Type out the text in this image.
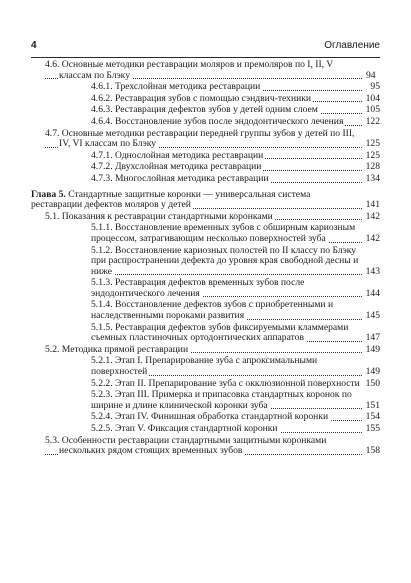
4	Оглавление
4.6. Основные методики реставрации моляров и премоляров по I, II, V классам по Блэку	94
4.6.1. Трехслойная методика реставрации	95
4.6.2. Реставрация зубов с помощью сэндвич-техники	104
4.6.3. Реставрация дефектов зубов у детей одним слоем	105
4.6.4. Восстановление зубов после эндодонтического лечения 122
4.7. Основные методики реставрации передней группы зубов у детей по III, IV, VI классам по Блэку	125
4.7.1. Однослойная методика реставрации	125
4.7.2. Двухслойная методика реставрации	128
4.7.3. Многослойная методика реставрации	134
Глава 5. Стандартные защитные коронки — универсальная система реставрации дефектов моляров у детей	141
5.1. Показания к реставрации стандартными коронками	142
5.1.1. Восстановление временных зубов с обширным кариозным процессом, затрагивающим несколько поверхностей зуба	142
5.1.2. Восстановление кариозных полостей по II классу по Блэку при распространении дефекта до уровня края свободной десны и ниже	143
5.1.3. Реставрация дефектов временных зубов после эндодонтического лечения	144
5.1.4. Восстановление дефектов зубов с приобретенными и наследственными пороками развития	145
5.1.5. Реставрация дефектов зубов фиксируемыми кламмерами съемных пластиночных ортодонтических аппаратов	147
5.2. Методика прямой реставрации	149
5.2.1. Этап I. Препарирование зуба с апроксимальными поверхностей	149
5.2.2. Этап II. Препарирование зуба с окклюзионной поверхности 150
5.2.3. Этап III. Примерка и припасовка стандартных коронок по ширине и длине клинической коронки зуба	151
5.2.4. Этап IV. Финишная обработка стандартной коронки	154
5.2.5. Этап V. Фиксация стандартной коронки	155
5.3. Особенности реставрации стандартными защитными коронками нескольких рядом стоящих временных зубов	158
